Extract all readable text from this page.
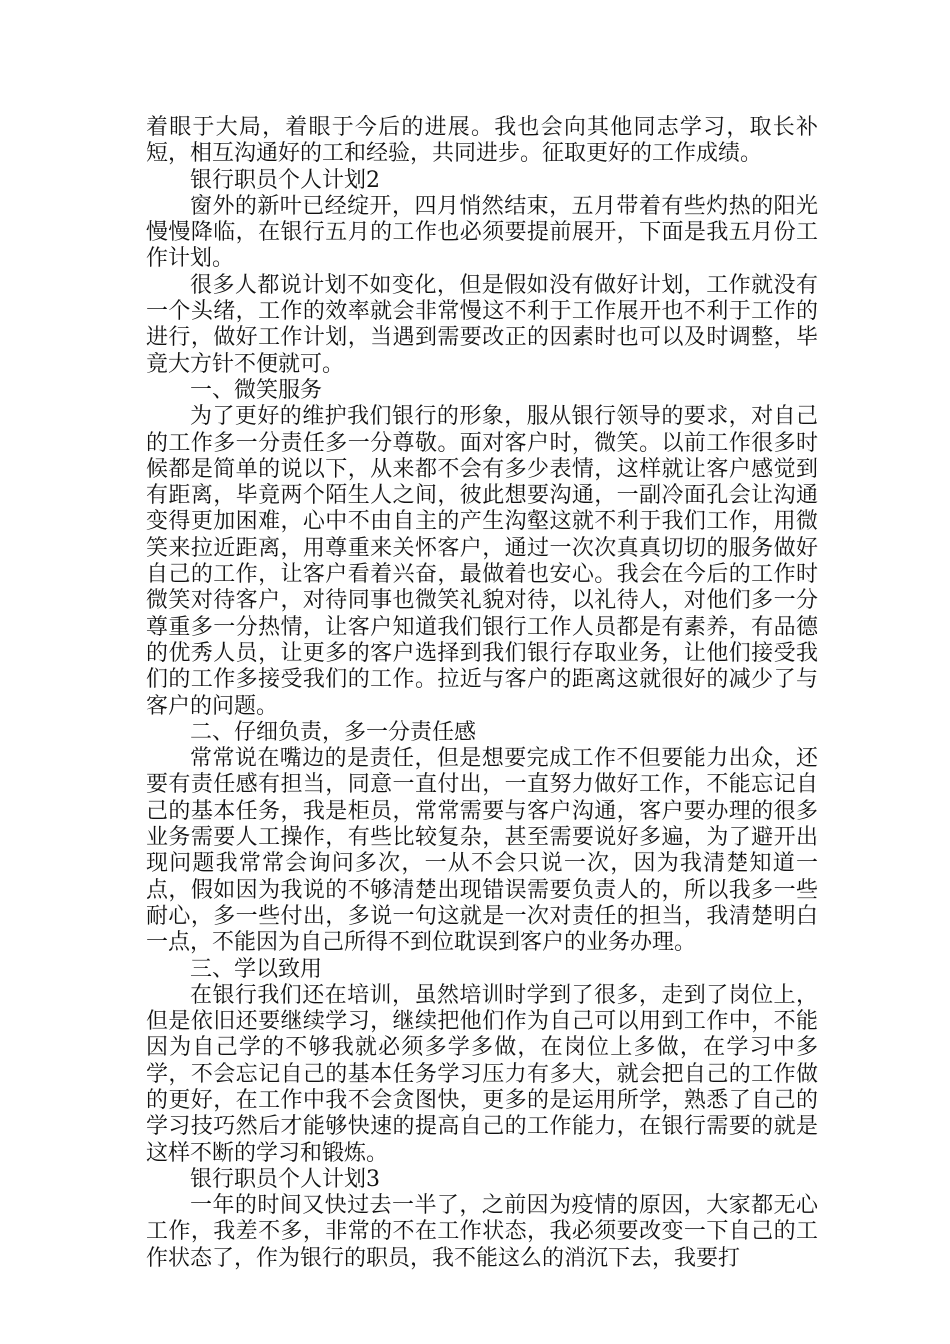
着眼于大局，着眼于今后的进展。我也会向其他同志学习，取长补短，相互沟通好的工和经验，共同进步。征取更好的工作成绩。

银行职员个人计划2

窗外的新叶已经绽开，四月悄然结束，五月带着有些灼热的阳光慢慢降临，在银行五月的工作也必须要提前展开，下面是我五月份工作计划。

很多人都说计划不如变化，但是假如没有做好计划，工作就没有一个头绪，工作的效率就会非常慢这不利于工作展开也不利于工作的进行，做好工作计划，当遇到需要改正的因素时也可以及时调整，毕竟大方针不便就可。

一、微笑服务

为了更好的维护我们银行的形象，服从银行领导的要求，对自己的工作多一分责任多一分尊敬。面对客户时，微笑。以前工作很多时候都是简单的说以下，从来都不会有多少表情，这样就让客户感觉到有距离，毕竟两个陌生人之间，彼此想要沟通，一副冷面孔会让沟通变得更加困难，心中不由自主的产生沟壑这就不利于我们工作，用微笑来拉近距离，用尊重来关怀客户，通过一次次真真切切的服务做好自己的工作，让客户看着兴奋，最做着也安心。我会在今后的工作时微笑对待客户，对待同事也微笑礼貌对待，以礼待人，对他们多一分尊重多一分热情，让客户知道我们银行工作人员都是有素养，有品德的优秀人员，让更多的客户选择到我们银行存取业务，让他们接受我们的工作多接受我们的工作。拉近与客户的距离这就很好的减少了与客户的问题。

二、仔细负责，多一分责任感

常常说在嘴边的是责任，但是想要完成工作不但要能力出众，还要有责任感有担当，同意一直付出，一直努力做好工作，不能忘记自己的基本任务，我是柜员，常常需要与客户沟通，客户要办理的很多业务需要人工操作，有些比较复杂，甚至需要说好多遍，为了避开出现问题我常常会询问多次，一从不会只说一次，因为我清楚知道一点，假如因为我说的不够清楚出现错误需要负责人的，所以我多一些耐心，多一些付出，多说一句这就是一次对责任的担当，我清楚明白一点，不能因为自己所得不到位耽误到客户的业务办理。

三、学以致用

在银行我们还在培训，虽然培训时学到了很多，走到了岗位上，但是依旧还要继续学习，继续把他们作为自己可以用到工作中，不能因为自己学的不够我就必须多学多做，在岗位上多做，在学习中多学，不会忘记自己的基本任务学习压力有多大，就会把自己的工作做的更好，在工作中我不会贪图快，更多的是运用所学，熟悉了自己的学习技巧然后才能够快速的提高自己的工作能力，在银行需要的就是这样不断的学习和锻炼。

银行职员个人计划3

一年的时间又快过去一半了，之前因为疫情的原因，大家都无心工作，我差不多，非常的不在工作状态，我必须要改变一下自己的工作状态了，作为银行的职员，我不能这么的消沉下去，我要打
